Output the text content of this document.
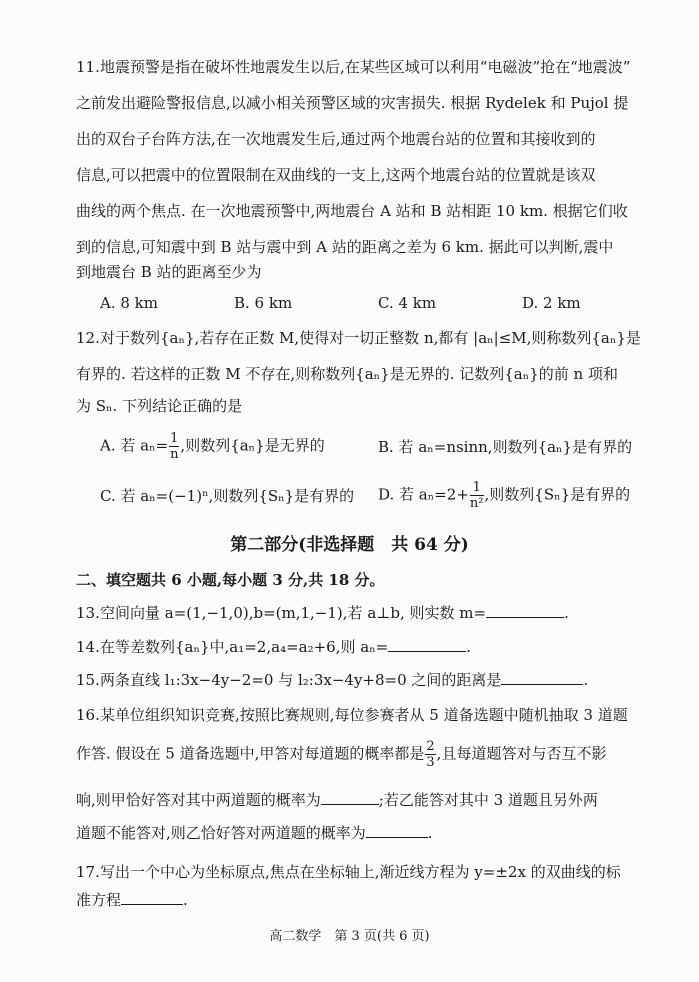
11. 地震预警是指在破坏性地震发生以后,在某些区域可以利用“电磁波”抢在“地震波”
之前发出避险警报信息,以减小相关预警区域的灾害损失. 根据 Rydelek 和 Pujol 提
出的双台子台阵方法,在一次地震发生后,通过两个地震台站的位置和其接收到的
信息,可以把震中的位置限制在双曲线的一支上,这两个地震台站的位置就是该双
曲线的两个焦点. 在一次地震预警中,两地震台 A 站和 B 站相距 10 km. 根据它们收
到的信息,可知震中到 B 站与震中到 A 站的距离之差为 6 km. 据此可以判断,震中
到地震台 B 站的距离至少为
A. 8 km	B. 6 km	C. 4 km	D. 2 km
12. 对于数列{aₙ},若存在正数 M,使得对一切正整数 n,都有 |aₙ|≤M,则称数列{aₙ}是
有界的. 若这样的正数 M 不存在,则称数列{aₙ}是无界的. 记数列{aₙ}的前 n 项和
为 Sₙ. 下列结论正确的是
A. 若 $a_n= \frac{1}{n}$ ,则数列{aₙ}是无界的	B. 若 aₙ=nsinn,则数列{aₙ}是有界的
C. 若 aₙ=(−1)ⁿ,则数列{Sₙ}是有界的 D. 若 $a_n=2+ \frac{1}{\text{n²}}$ ,则数列{Sₙ}是有界的
第二部分(非选择题　共 64 分)
二、填空题共 6 小题,每小题 3 分,共 18 分。
13. 空间向量 a=(1,−1,0),b=(m,1,−1),若 a⊥b, 则实数 m=	.
14. 在等差数列{aₙ}中,a₁=2,a₄=a₂+6,则 aₙ=	.
15. 两条直线 l₁:3x−4y−2=0 与 l₂:3x−4y+8=0 之间的距离是	.
16. 某单位组织知识竞赛,按照比赛规则,每位参赛者从 5 道备选题中随机抽取 3 道题
作答. 假设在 5 道备选题中,甲答对每道题的概率都是 $\frac{2}{3}$ ,且每道题答对与否互不影
响,则甲恰好答对其中两道题的概率为	;若乙能答对其中 3 道题且另外两
道题不能答对,则乙恰好答对两道题的概率为	.
17. 写出一个中心为坐标原点,焦点在坐标轴上,渐近线方程为 y=±2x 的双曲线的标
准方程	.
高二数学　第 3 页(共 6 页)
